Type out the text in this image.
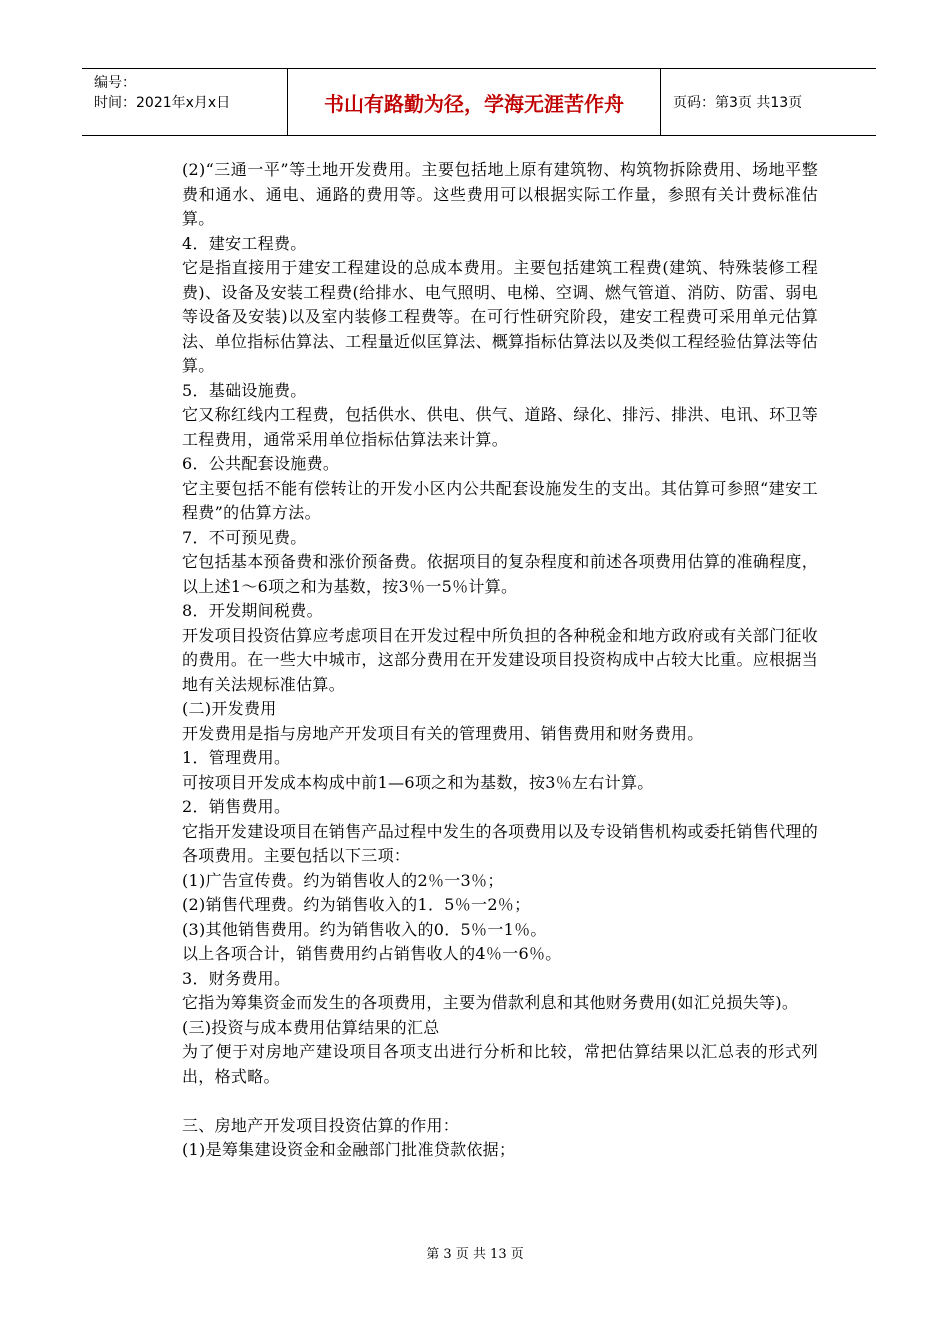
编号：
时间：2021年x月x日	书山有路勤为径，学海无涯苦作舟	页码：第3页 共13页

(2)“三通一平”等土地开发费用。主要包括地上原有建筑物、构筑物拆除费用、场地平整费和通水、通电、通路的费用等。这些费用可以根据实际工作量，参照有关计费标准估算。

4．建安工程费。

它是指直接用于建安工程建设的总成本费用。主要包括建筑工程费(建筑、特殊装修工程费)、设备及安装工程费(给排水、电气照明、电梯、空调、燃气管道、消防、防雷、弱电等设备及安装)以及室内装修工程费等。在可行性研究阶段，建安工程费可采用单元估算法、单位指标估算法、工程量近似匡算法、概算指标估算法以及类似工程经验估算法等估算。

5．基础设施费。

它又称红线内工程费，包括供水、供电、供气、道路、绿化、排污、排洪、电讯、环卫等工程费用，通常采用单位指标估算法来计算。

6．公共配套设施费。

它主要包括不能有偿转让的开发小区内公共配套设施发生的支出。其估算可参照“建安工程费”的估算方法。

7．不可预见费。

它包括基本预备费和涨价预备费。依据项目的复杂程度和前述各项费用估算的准确程度，以上述1～6项之和为基数，按3％一5％计算。

8．开发期间税费。

开发项目投资估算应考虑项目在开发过程中所负担的各种税金和地方政府或有关部门征收的费用。在一些大中城市，这部分费用在开发建设项目投资构成中占较大比重。应根据当地有关法规标准估算。

(二)开发费用

开发费用是指与房地产开发项目有关的管理费用、销售费用和财务费用。

1．管理费用。

可按项目开发成本构成中前1—6项之和为基数，按3％左右计算。

2．销售费用。

它指开发建设项目在销售产品过程中发生的各项费用以及专设销售机构或委托销售代理的各项费用。主要包括以下三项：

(1)广告宣传费。约为销售收人的2％一3％；

(2)销售代理费。约为销售收入的1．5％一2％；

(3)其他销售费用。约为销售收入的0．5％一1％。

以上各项合计，销售费用约占销售收人的4％一6％。

3．财务费用。

它指为筹集资金而发生的各项费用，主要为借款利息和其他财务费用(如汇兑损失等)。

(三)投资与成本费用估算结果的汇总

为了便于对房地产建设项目各项支出进行分析和比较，常把估算结果以汇总表的形式列出，格式略。

三、房地产开发项目投资估算的作用：

(1)是筹集建设资金和金融部门批准贷款依据；

第 3 页 共 13 页
